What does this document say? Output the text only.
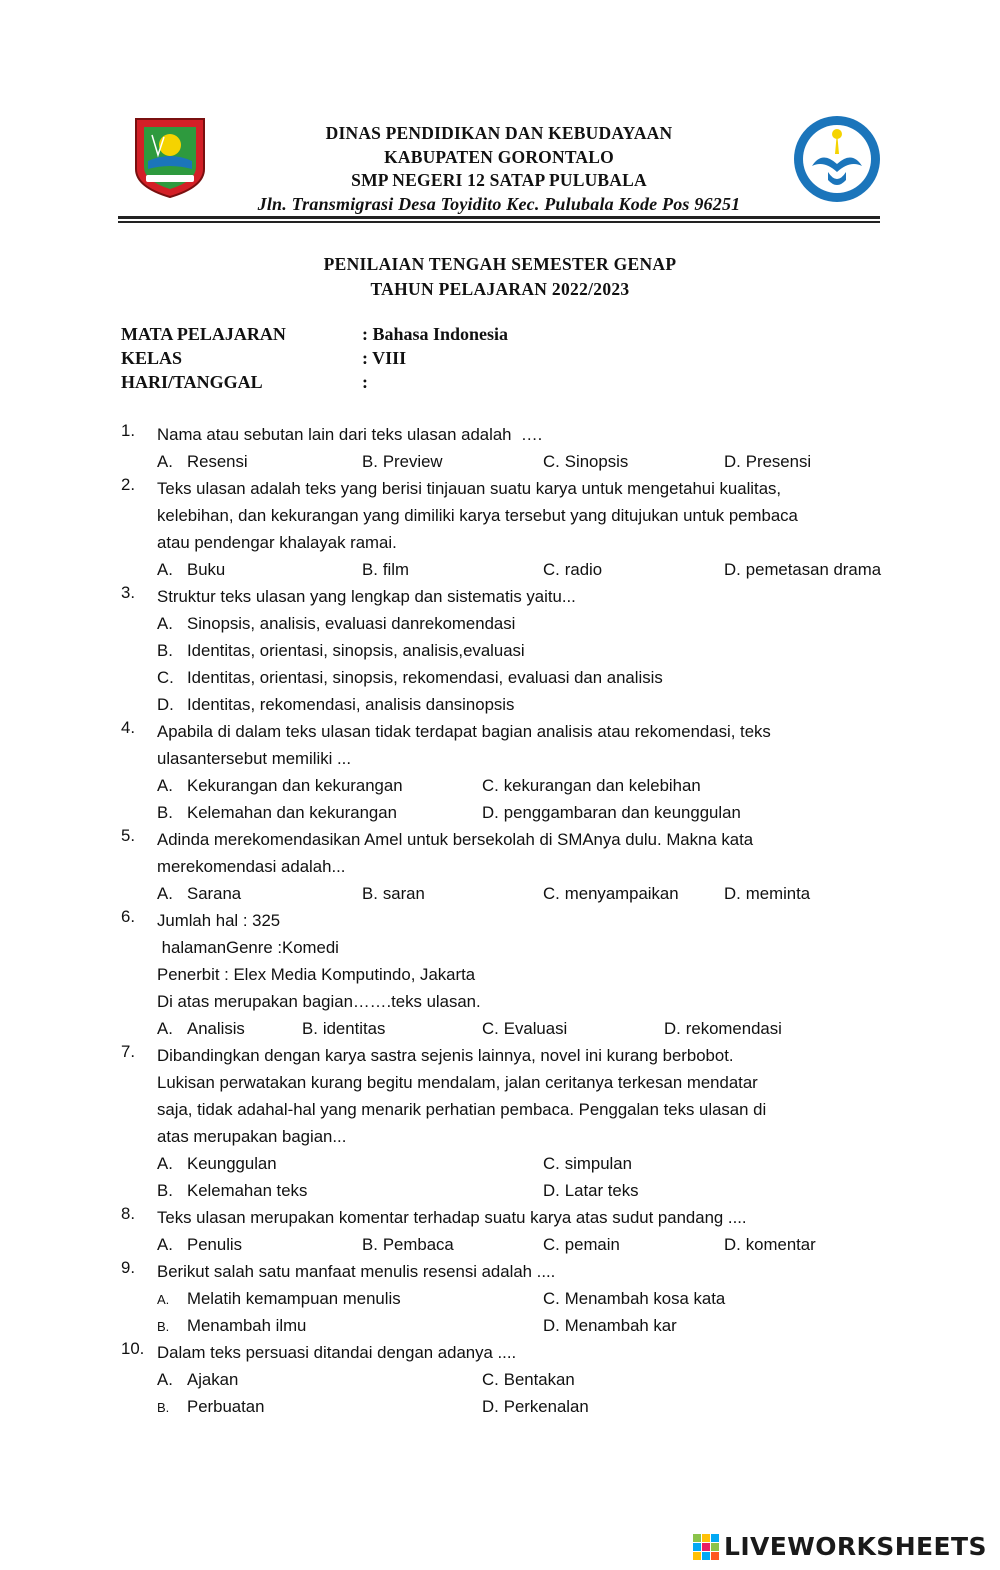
DINAS PENDIDIKAN DAN KEBUDAYAAN
KABUPATEN GORONTALO
SMP NEGERI 12 SATAP PULUBALA
Jln. Transmigrasi Desa Toyidito Kec. Pulubala Kode Pos 96251
PENILAIAN TENGAH SEMESTER GENAP
TAHUN PELAJARAN 2022/2023
MATA PELAJARAN	: Bahasa Indonesia
KELAS	: VIII
HARI/TANGGAL	:
1.	Nama atau sebutan lain dari teks ulasan adalah  ….
A. Resensi	B. Preview	C. Sinopsis	D. Presensi
2.	Teks ulasan adalah teks yang berisi tinjauan suatu karya untuk mengetahui kualitas,
kelebihan, dan kekurangan yang dimiliki karya tersebut yang ditujukan untuk pembaca
atau pendengar khalayak ramai.
A. Buku	B. film	C. radio	D. pemetasan drama
3.	Struktur teks ulasan yang lengkap dan sistematis yaitu...
A. Sinopsis, analisis, evaluasi danrekomendasi
B. Identitas, orientasi, sinopsis, analisis,evaluasi
C. Identitas, orientasi, sinopsis, rekomendasi, evaluasi dan analisis
D. Identitas, rekomendasi, analisis dansinopsis
4.	Apabila di dalam teks ulasan tidak terdapat bagian analisis atau rekomendasi, teks
ulasantersebut memiliki ...
A. Kekurangan dan kekurangan	C. kekurangan dan kelebihan
B. Kelemahan dan kekurangan	D. penggambaran dan keunggulan
5.	Adinda merekomendasikan Amel untuk bersekolah di SMAnya dulu. Makna kata
merekomendasi adalah...
A. Sarana	B. saran	C. menyampaikan	D. meminta
6.	Jumlah hal : 325
halamanGenre :Komedi
Penerbit : Elex Media Komputindo, Jakarta
Di atas merupakan bagian…….teks ulasan.
A. Analisis	B. identitas	C. Evaluasi	D. rekomendasi
7.	Dibandingkan dengan karya sastra sejenis lainnya, novel ini kurang berbobot.
Lukisan perwatakan kurang begitu mendalam, jalan ceritanya terkesan mendatar
saja, tidak adahal-hal yang menarik perhatian pembaca. Penggalan teks ulasan di
atas merupakan bagian...
A. Keunggulan	C. simpulan
B. Kelemahan teks	D. Latar teks
8.	Teks ulasan merupakan komentar terhadap suatu karya atas sudut pandang ....
A. Penulis	B. Pembaca	C. pemain	D. komentar
9.	Berikut salah satu manfaat menulis resensi adalah ....
A. Melatih kemampuan menulis	C. Menambah kosa kata
B. Menambah ilmu	D. Menambah kar
10. Dalam teks persuasi ditandai dengan adanya ....
A. Ajakan	C. Bentakan
B. Perbuatan	D. Perkenalan
LIVEWORKSHEETS
